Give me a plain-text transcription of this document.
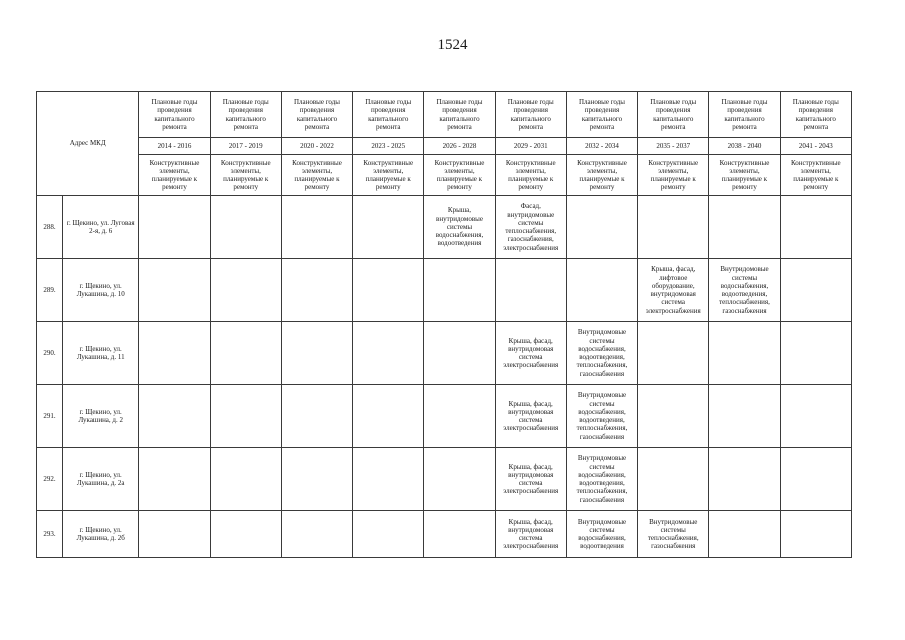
1524
Адрес МКД		Плановые годы проведения капитального ремонта	Плановые годы проведения капитального ремонта	Плановые годы проведения капитального ремонта	Плановые годы проведения капитального ремонта	Плановые годы проведения капитального ремонта	Плановые годы проведения капитального ремонта	Плановые годы проведения капитального ремонта	Плановые годы проведения капитального ремонта	Плановые годы проведения капитального ремонта	Плановые годы проведения капитального ремонта
		2014 - 2016	2017 - 2019	2020 - 2022	2023 - 2025	2026 - 2028	2029 - 2031	2032 - 2034	2035 - 2037	2038 - 2040	2041 - 2043
		Конструктивные элементы, планируемые к ремонту	Конструктивные элементы, планируемые к ремонту	Конструктивные элементы, планируемые к ремонту	Конструктивные элементы, планируемые к ремонту	Конструктивные элементы, планируемые к ремонту	Конструктивные элементы, планируемые к ремонту	Конструктивные элементы, планируемые к ремонту	Конструктивные элементы, планируемые к ремонту	Конструктивные элементы, планируемые к ремонту	Конструктивные элементы, планируемые к ремонту
288.	г. Щекино, ул. Луговая 2-я, д. 6					Крыша, внутридомовые системы водоснабжения, водоотведения	Фасад, внутридомовые системы теплоснабжения, газоснабжения, электроснабжения				
289.	г. Щекино, ул. Лукашина, д. 10								Крыша, фасад, лифтовое оборудование, внутридомовая система электроснабжения	Внутридомовые системы водоснабжения, водоотведения, теплоснабжения, газоснабжения	
290.	г. Щекино, ул. Лукашина, д. 11						Крыша, фасад, внутридомовая система электроснабжения	Внутридомовые системы водоснабжения, водоотведения, теплоснабжения, газоснабжения			
291.	г. Щекино, ул. Лукашина, д. 2						Крыша, фасад, внутридомовая система электроснабжения	Внутридомовые системы водоснабжения, водоотведения, теплоснабжения, газоснабжения			
292.	г. Щекино, ул. Лукашина, д. 2а						Крыша, фасад, внутридомовая система электроснабжения	Внутридомовые системы водоснабжения, водоотведения, теплоснабжения, газоснабжения			
293.	г. Щекино, ул. Лукашина, д. 2б						Крыша, фасад, внутридомовая система электроснабжения	Внутридомовые системы водоснабжения, водоотведения	Внутридомовые системы теплоснабжения, газоснабжения		
